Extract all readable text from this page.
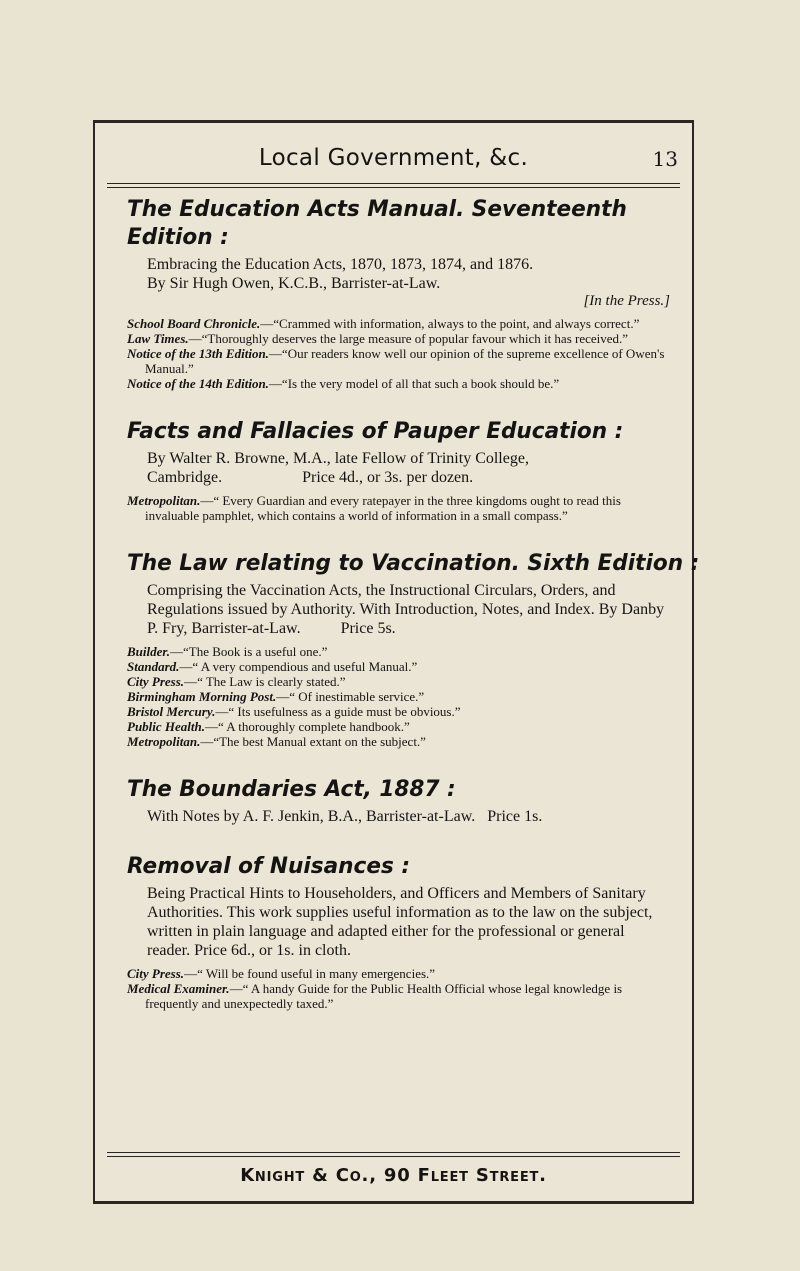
Local Government, &c.	13
The Education Acts Manual. Seventeenth Edition :
Embracing the Education Acts, 1870, 1873, 1874, and 1876.
By Sir Hugh Owen, K.C.B., Barrister-at-Law.
[In the Press.]

School Board Chronicle.—“Crammed with information, always to the point, and always correct.”

Law Times.—“Thoroughly deserves the large measure of popular favour which it has received.”

Notice of the 13th Edition.—“Our readers know well our opinion of the supreme excellence of Owen's Manual.”

Notice of the 14th Edition.—“Is the very model of all that such a book should be.”

Facts and Fallacies of Pauper Education :
By Walter R. Browne, M.A., late Fellow of Trinity College,
Cambridge.                    Price 4d., or 3s. per dozen.

Metropolitan.—“ Every Guardian and every ratepayer in the three kingdoms ought to read this invaluable pamphlet, which contains a world of information in a small compass.”

The Law relating to Vaccination. Sixth Edition :
Comprising the Vaccination Acts, the Instructional Circulars, Orders, and Regulations issued by Authority. With Introduction, Notes, and Index. By Danby P. Fry, Barrister-at-Law.          Price 5s.

Builder.—“The Book is a useful one.”

Standard.—“ A very compendious and useful Manual.”

City Press.—“ The Law is clearly stated.”

Birmingham Morning Post.—“ Of inestimable service.”

Bristol Mercury.—“ Its usefulness as a guide must be obvious.”

Public Health.—“ A thoroughly complete handbook.”

Metropolitan.—“The best Manual extant on the subject.”

The Boundaries Act, 1887 :
With Notes by A. F. Jenkin, B.A., Barrister-at-Law.   Price 1s.
Removal of Nuisances :
Being Practical Hints to Householders, and Officers and Members of Sanitary Authorities. This work supplies useful information as to the law on the subject, written in plain language and adapted either for the professional or general reader. Price 6d., or 1s. in cloth.

City Press.—“ Will be found useful in many emergencies.”

Medical Examiner.—“ A handy Guide for the Public Health Official whose legal knowledge is frequently and unexpectedly taxed.”

Knight & Co., 90 Fleet Street.
